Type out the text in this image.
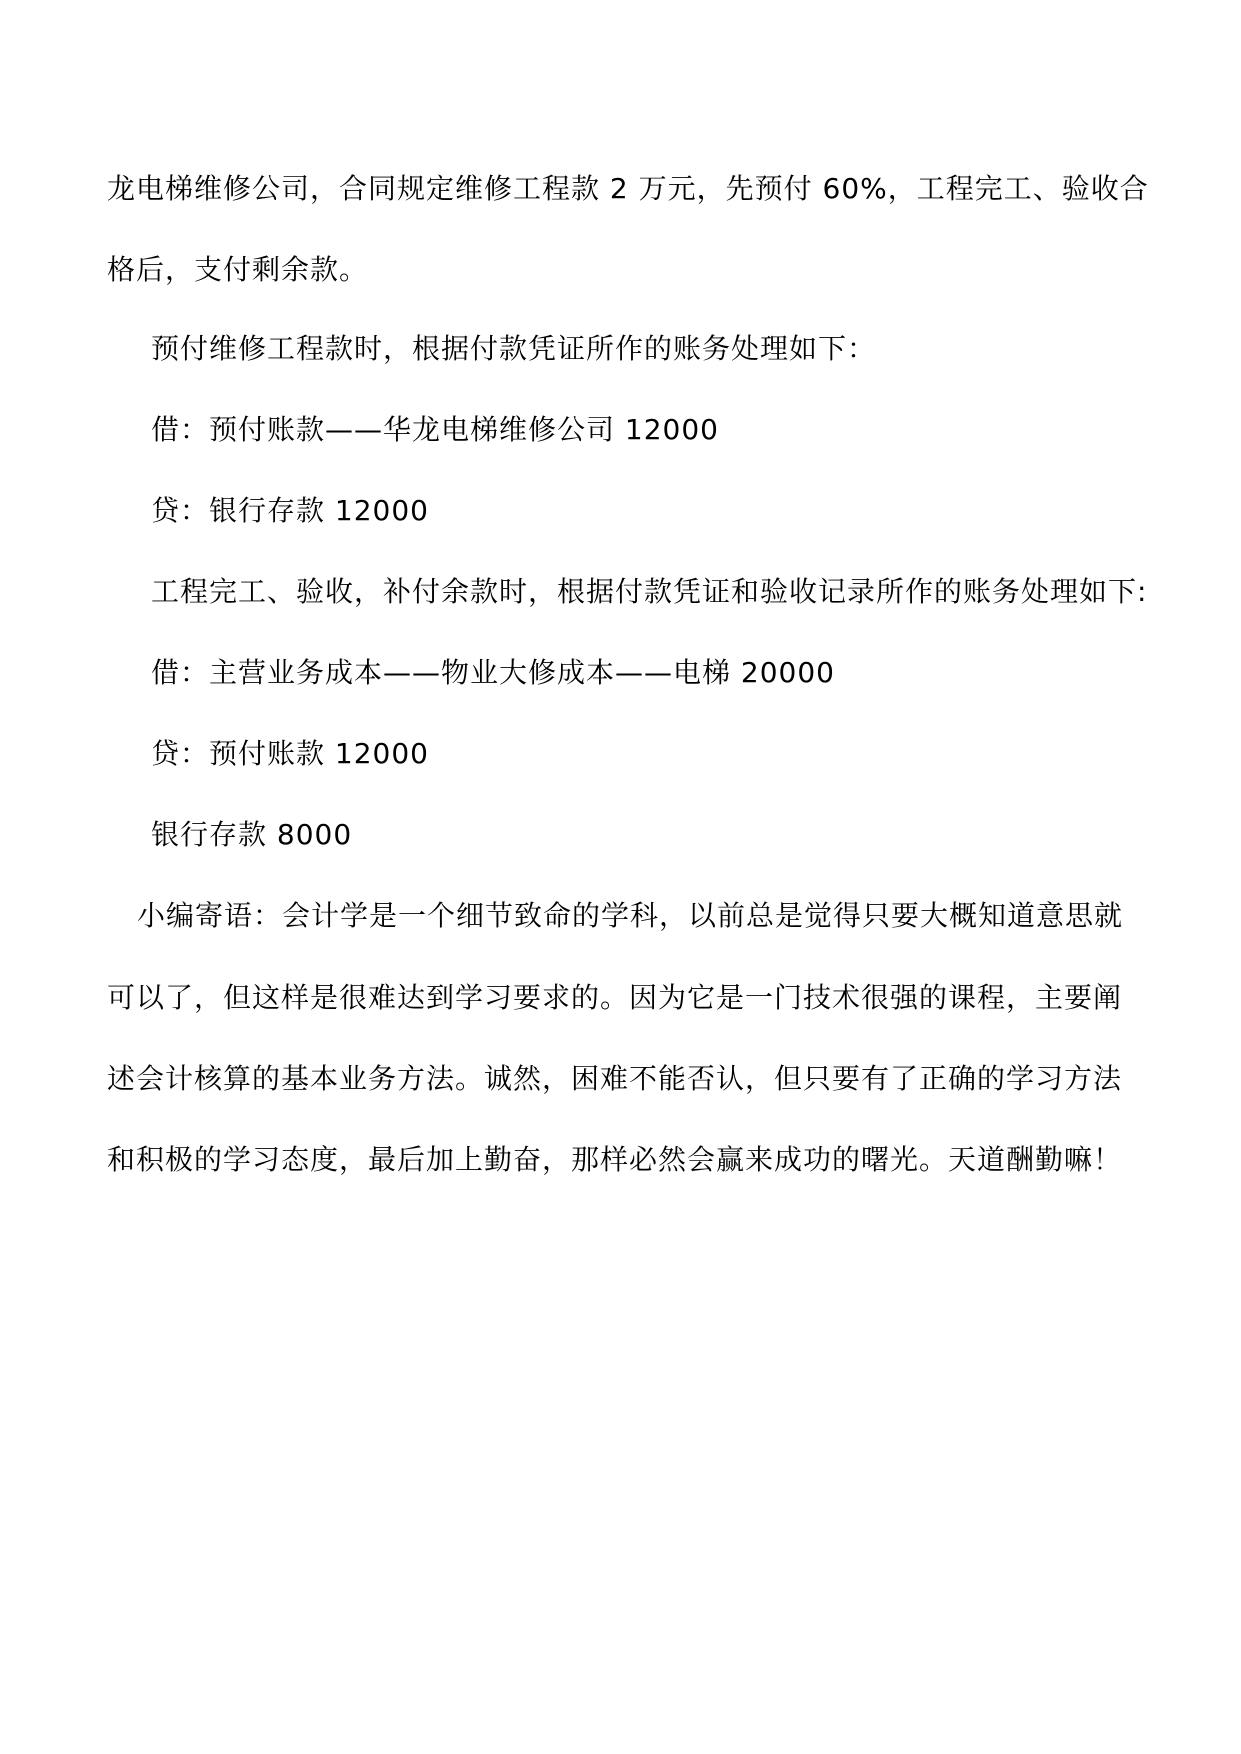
龙电梯维修公司，合同规定维修工程款 2 万元，先预付 60%，工程完工、验收合
格后，支付剩余款。
预付维修工程款时，根据付款凭证所作的账务处理如下：
借：预付账款——华龙电梯维修公司 12000
贷：银行存款 12000
工程完工、验收，补付余款时，根据付款凭证和验收记录所作的账务处理如下:
借：主营业务成本——物业大修成本——电梯 20000
贷：预付账款 12000
银行存款 8000
小编寄语：会计学是一个细节致命的学科，以前总是觉得只要大概知道意思就
可以了，但这样是很难达到学习要求的。因为它是一门技术很强的课程，主要阐
述会计核算的基本业务方法。诚然，困难不能否认，但只要有了正确的学习方法
和积极的学习态度，最后加上勤奋，那样必然会赢来成功的曙光。天道酬勤嘛！
